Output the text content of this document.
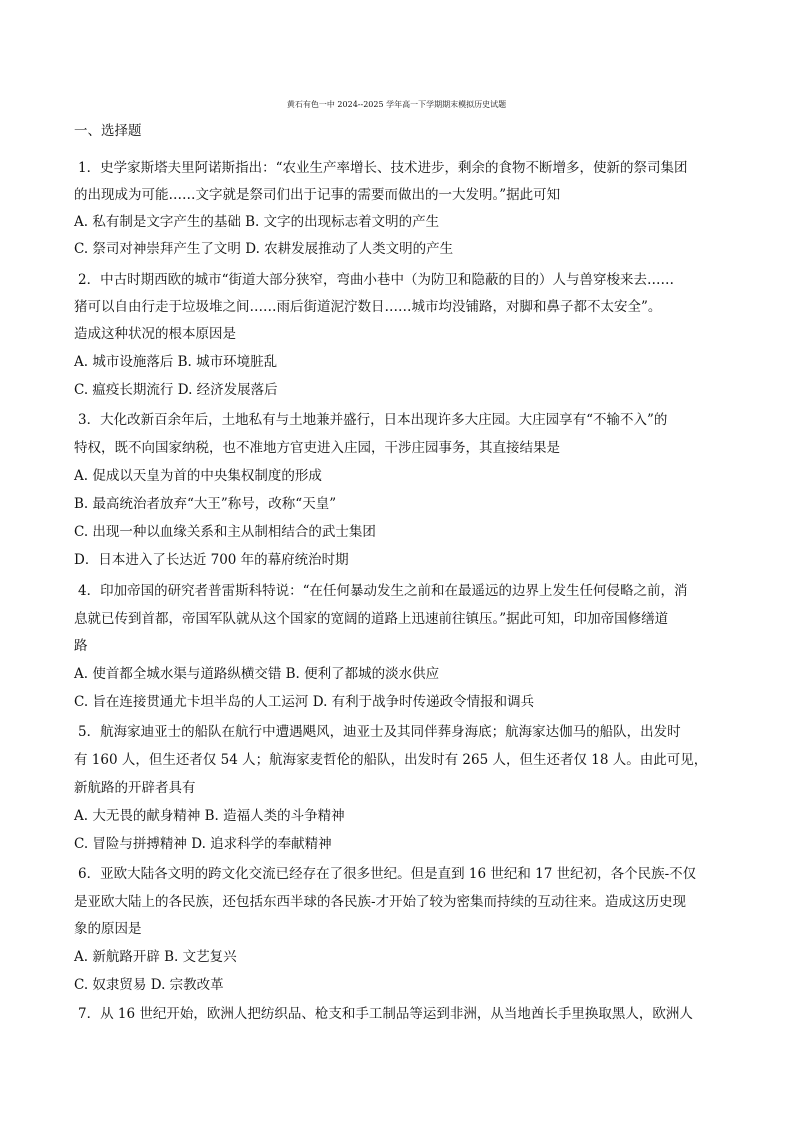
黄石有色一中 2024--2025 学年高一下学期期末模拟历史试题
一、选择题
1．史学家斯塔夫里阿诺斯指出：“农业生产率增长、技术进步，剩余的食物不断增多，使新的祭司集团
的出现成为可能……文字就是祭司们出于记事的需要而做出的一大发明。”据此可知
A. 私有制是文字产生的基础 B. 文字的出现标志着文明的产生
C. 祭司对神崇拜产生了文明 D. 农耕发展推动了人类文明的产生
2．中古时期西欧的城市“街道大部分狭窄，弯曲小巷中（为防卫和隐蔽的目的）人与兽穿梭来去……
猪可以自由行走于垃圾堆之间……雨后街道泥泞数日……城市均没铺路，对脚和鼻子都不太安全”。
造成这种状况的根本原因是
A. 城市设施落后 B. 城市环境脏乱
C. 瘟疫长期流行 D. 经济发展落后
3．大化改新百余年后，土地私有与土地兼并盛行，日本出现许多大庄园。大庄园享有“不输不入”的
特权，既不向国家纳税，也不准地方官吏进入庄园，干涉庄园事务，其直接结果是
A. 促成以天皇为首的中央集权制度的形成
B. 最高统治者放弃“大王”称号，改称“天皇”
C. 出现一种以血缘关系和主从制相结合的武士集团
D．日本进入了长达近 700 年的幕府统治时期
4．印加帝国的研究者普雷斯科特说：“在任何暴动发生之前和在最遥远的边界上发生任何侵略之前，消
息就已传到首都，帝国军队就从这个国家的宽阔的道路上迅速前往镇压。”据此可知，印加帝国修缮道
路
A. 使首都全城水渠与道路纵横交错 B. 便利了都城的淡水供应
C. 旨在连接贯通尤卡坦半岛的人工运河 D. 有利于战争时传递政令情报和调兵
5．航海家迪亚士的船队在航行中遭遇飓风，迪亚士及其同伴葬身海底；航海家达伽马的船队，出发时
有 160 人，但生还者仅 54 人；航海家麦哲伦的船队，出发时有 265 人，但生还者仅 18 人。由此可见，
新航路的开辟者具有
A. 大无畏的献身精神 B. 造福人类的斗争精神
C. 冒险与拼搏精神 D. 追求科学的奉献精神
6．亚欧大陆各文明的跨文化交流已经存在了很多世纪。但是直到 16 世纪和 17 世纪初，各个民族-不仅
是亚欧大陆上的各民族，还包括东西半球的各民族-才开始了较为密集而持续的互动往来。造成这历史现
象的原因是
A. 新航路开辟 B. 文艺复兴
C. 奴隶贸易 D. 宗教改革
7．从 16 世纪开始，欧洲人把纺织品、枪支和手工制品等运到非洲，从当地酋长手里换取黑人，欧洲人
